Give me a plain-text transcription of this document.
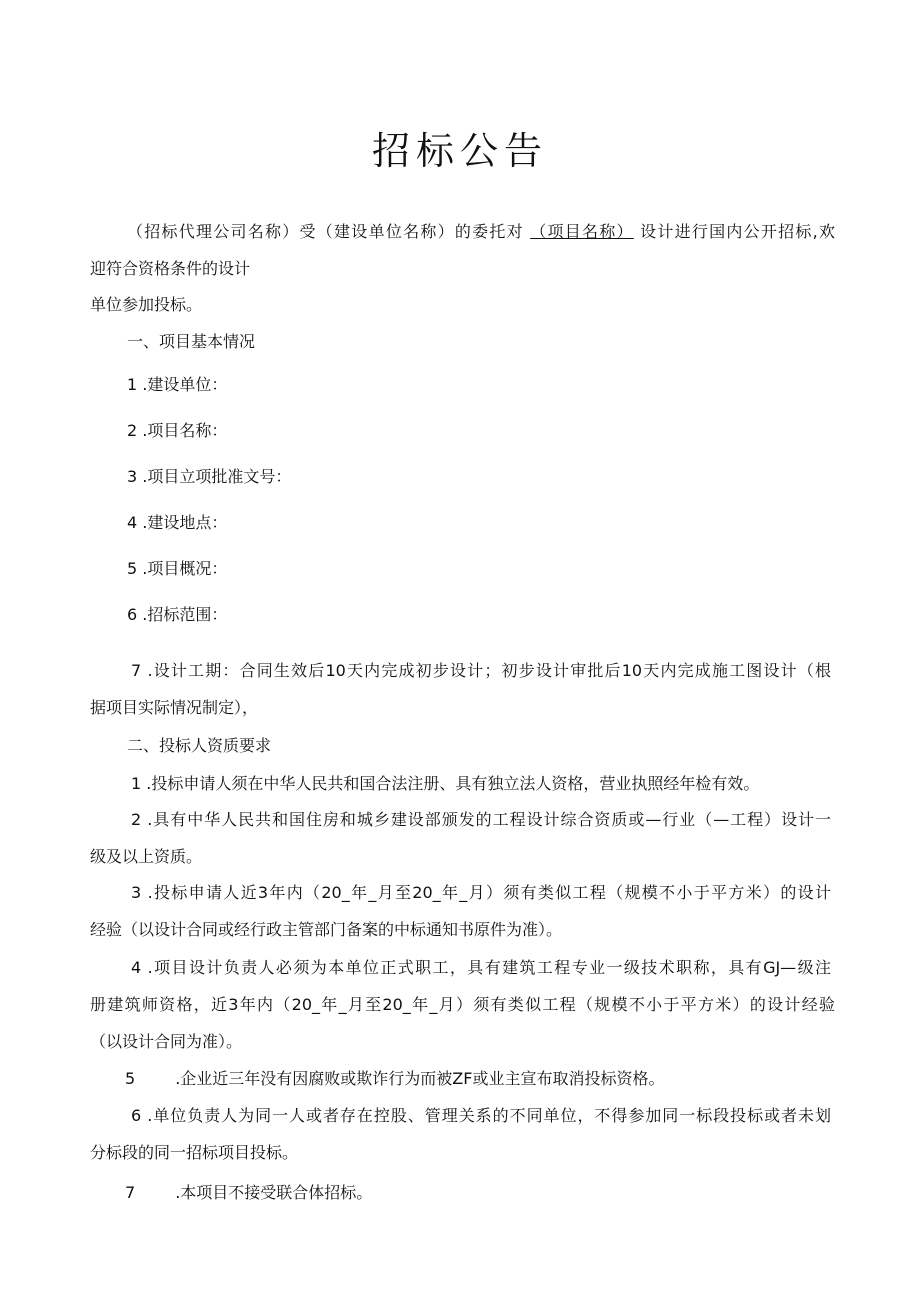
招标公告
（招标代理公司名称）受（建设单位名称）的委托对 （项目名称） 设计进行国内公开招标,欢
迎符合资格条件的设计
单位参加投标。
一、项目基本情况
1 .建设单位：
2 .项目名称：
3 .项目立项批准文号：
4 .建设地点：
5 .项目概况：
6 .招标范围：
7 .设计工期：合同生效后10天内完成初步设计；初步设计审批后10天内完成施工图设计（根
据项目实际情况制定），
二、投标人资质要求
1 .投标申请人须在中华人民共和国合法注册、具有独立法人资格，营业执照经年检有效。
2 .具有中华人民共和国住房和城乡建设部颁发的工程设计综合资质或—行业（—工程）设计一
级及以上资质。
3 .投标申请人近3年内（20_年_月至20_年_月）须有类似工程（规模不小于平方米）的设计
经验（以设计合同或经行政主管部门备案的中标通知书原件为准）。
4 .项目设计负责人必须为本单位正式职工，具有建筑工程专业一级技术职称，具有GJ—级注
册建筑师资格，近3年内（20_年_月至20_年_月）须有类似工程（规模不小于平方米）的设计经验
（以设计合同为准）。
5	.企业近三年没有因腐败或欺诈行为而被ZF或业主宣布取消投标资格。
6 .单位负责人为同一人或者存在控股、管理关系的不同单位，不得参加同一标段投标或者未划
分标段的同一招标项目投标。
7	.本项目不接受联合体招标。
